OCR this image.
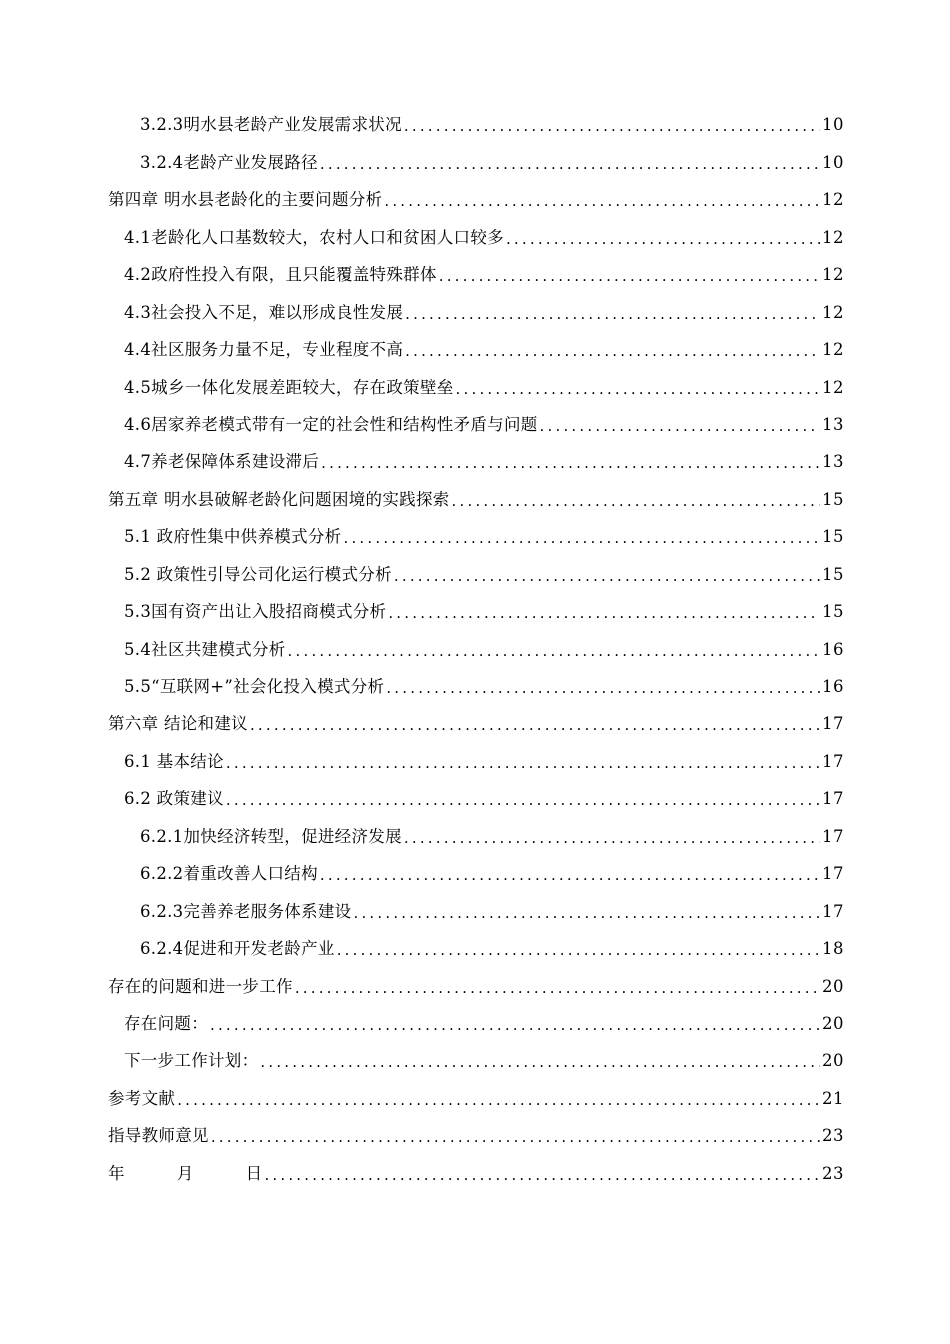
3.2.3明水县老龄产业发展需求状况 .....	10
3.2.4老龄产业发展路径 .....	10
第四章 明水县老龄化的主要问题分析 .....	12
4.1老龄化人口基数较大，农村人口和贫困人口较多 .....	12
4.2政府性投入有限，且只能覆盖特殊群体 .....	12
4.3社会投入不足，难以形成良性发展 .....	12
4.4社区服务力量不足，专业程度不高 .....	12
4.5城乡一体化发展差距较大，存在政策壁垒 .....	12
4.6居家养老模式带有一定的社会性和结构性矛盾与问题 .....	13
4.7养老保障体系建设滞后 .....	13
第五章 明水县破解老龄化问题困境的实践探索 .....	15
5.1 政府性集中供养模式分析 .....	15
5.2 政策性引导公司化运行模式分析 .....	15
5.3国有资产出让入股招商模式分析 .....	15
5.4社区共建模式分析 .....	16
5.5“互联网+”社会化投入模式分析 .....	16
第六章 结论和建议 .....	17
6.1 基本结论 .....	17
6.2 政策建议 .....	17
6.2.1加快经济转型，促进经济发展 .....	17
6.2.2着重改善人口结构 .....	17
6.2.3完善养老服务体系建设 .....	17
6.2.4促进和开发老龄产业 .....	18
存在的问题和进一步工作 .....	20
存在问题： .....	20
下一步工作计划： .....	20
参考文献 .....	21
指导教师意见 .....	23
年	月	日 .....	23
